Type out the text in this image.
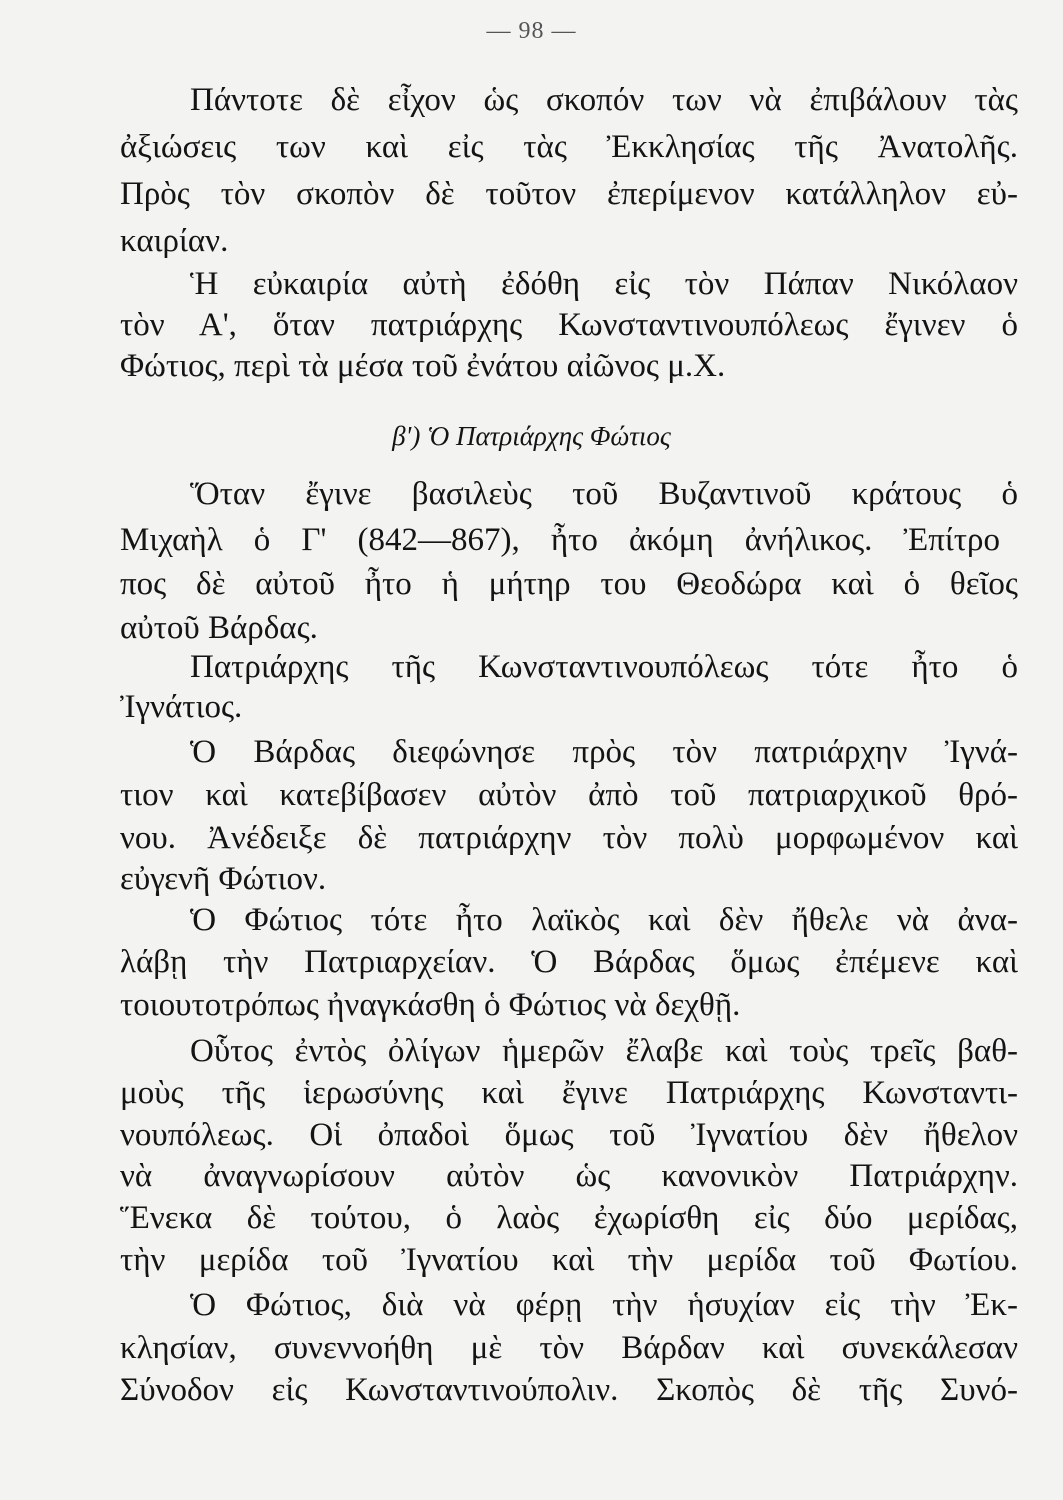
— 98 —
Πάντοτε δὲ εἶχον ὡς σκοπόν των νὰ ἐπιβάλουν τὰς
ἀξιώσεις των καὶ εἰς τὰς Ἐκκλησίας τῆς Ἀνατολῆς.
Πρὸς τὸν σκοπὸν δὲ τοῦτον ἐπερίμενον κατάλληλον εὐ-
καιρίαν.
Ἡ εὐκαιρία αὐτὴ ἐδόθη εἰς τὸν Πάπαν Νικόλαον
τὸν Α', ὅταν πατριάρχης Κωνσταντινουπόλεως ἔγινεν ὁ
Φώτιος, περὶ τὰ μέσα τοῦ ἐνάτου αἰῶνος μ.Χ.
β') Ὁ Πατριάρχης Φώτιος
Ὅταν ἔγινε βασιλεὺς τοῦ Βυζαντινοῦ κράτους ὁ
Μιχαὴλ ὁ Γ' (842—867), ἦτο ἀκόμη ἀνήλικος. Ἐπίτρο
πος δὲ αὐτοῦ ἦτο ἡ μήτηρ του Θεοδώρα καὶ ὁ θεῖος
αὐτοῦ Βάρδας.
Πατριάρχης τῆς Κωνσταντινουπόλεως τότε ἦτο ὁ
Ἰγνάτιος.
Ὁ Βάρδας διεφώνησε πρὸς τὸν πατριάρχην Ἰγνά-
τιον καὶ κατεβίβασεν αὐτὸν ἀπὸ τοῦ πατριαρχικοῦ θρό-
νου. Ἀνέδειξε δὲ πατριάρχην τὸν πολὺ μορφωμένον καὶ
εὐγενῆ Φώτιον.
Ὁ Φώτιος τότε ἦτο λαϊκὸς καὶ δὲν ἤθελε νὰ ἀνα-
λάβῃ τὴν Πατριαρχείαν. Ὁ Βάρδας ὅμως ἐπέμενε καὶ
τοιουτοτρόπως ἠναγκάσθη ὁ Φώτιος νὰ δεχθῇ.
Οὗτος ἐντὸς ὀλίγων ἡμερῶν ἔλαβε καὶ τοὺς τρεῖς βαθ-
μοὺς τῆς ἱερωσύνης καὶ ἔγινε Πατριάρχης Κωνσταντι-
νουπόλεως. Οἱ ὀπαδοὶ ὅμως τοῦ Ἰγνατίου δὲν ἤθελον
νὰ ἀναγνωρίσουν αὐτὸν ὡς κανονικὸν Πατριάρχην.
Ἕνεκα δὲ τούτου, ὁ λαὸς ἐχωρίσθη εἰς δύο μερίδας,
τὴν μερίδα τοῦ Ἰγνατίου καὶ τὴν μερίδα τοῦ Φωτίου.
Ὁ Φώτιος, διὰ νὰ φέρῃ τὴν ἡσυχίαν εἰς τὴν Ἐκ-
κλησίαν, συνεννοήθη μὲ τὸν Βάρδαν καὶ συνεκάλεσαν
Σύνοδον εἰς Κωνσταντινούπολιν. Σκοπὸς δὲ τῆς Συνό-
